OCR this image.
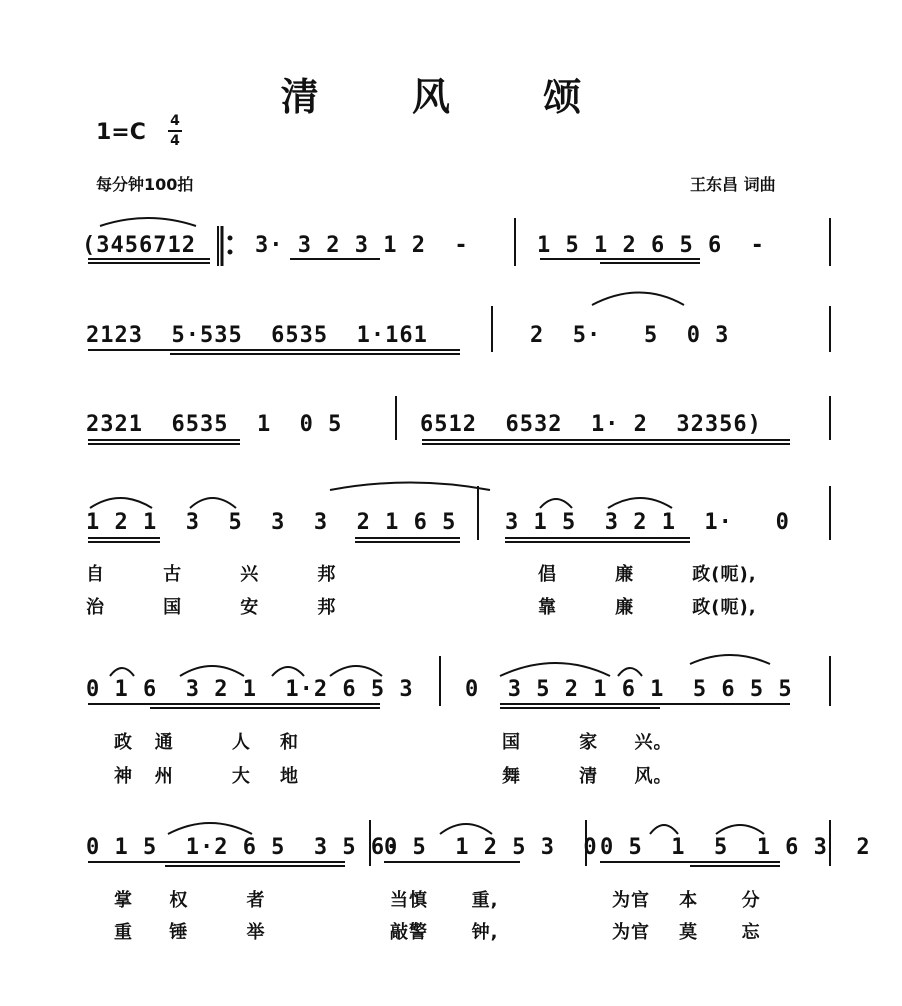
清 风 颂
1=C 4
4
每分钟100拍	王东昌 词曲
(3456712	3· 3 2 3 1 2  -	1 5 1 2 6 5 6  -
2123  5·535  6535  1·161	2  5·   5  0 3
2321  6535  1  0 5	6512  6532  1· 2  32356)
1 2 1  3  5  3  3  2 1 6 5 3 1 5  3 2 1  1·   0
自        古        兴        邦	倡        廉        政(呃),
治        国        安        邦	靠        廉        政(呃),
0 1 6  3 2 1  1·2 6 5 3 0  3 5 2 1 6 1  5 6 5 5
政   通        人    和	国        家     兴。
神   州        大    地	舞        清     风。
0 1 5  1·2 6 5  3 5 6·
0 5  1 2 5 3  0 0 5  1  5  1 6 3  2
掌     权        者	当慎      重,	为官    本      分
重     锤        举	敲警      钟,	为官    莫      忘
